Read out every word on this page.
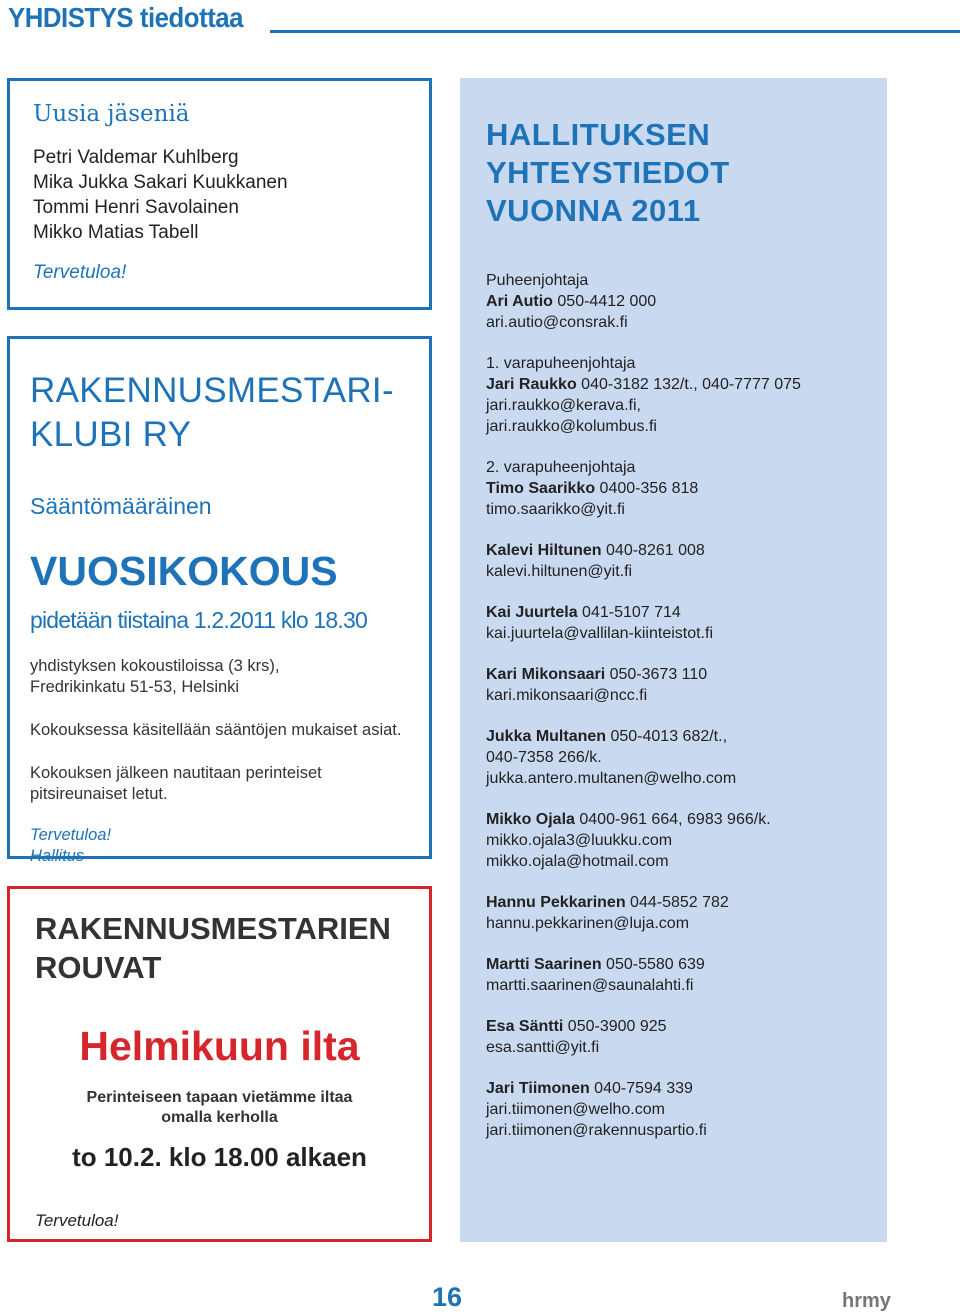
YHDISTYS tiedottaa
Uusia jäseniä
Petri Valdemar Kuhlberg
Mika Jukka Sakari Kuukkanen
Tommi Henri Savolainen
Mikko Matias Tabell
Tervetuloa!
RAKENNUSMESTARI-
KLUBI RY
Sääntömääräinen
VUOSIKOKOUS
pidetään tiistaina 1.2.2011 klo 18.30
yhdistyksen kokoustiloissa (3 krs),
Fredrikinkatu 51-53, Helsinki
Kokouksessa käsitellään sääntöjen mukaiset asiat.
Kokouksen jälkeen nautitaan perinteiset
pitsireunaiset letut.
Tervetuloa!
Hallitus
RAKENNUSMESTARIEN
ROUVAT
Helmikuun ilta
Perinteiseen tapaan vietämme iltaa
omalla kerholla
to 10.2. klo 18.00 alkaen
Tervetuloa!
HALLITUKSEN
YHTEYSTIEDOT
VUONNA 2011
Puheenjohtaja
Ari Autio 050-4412 000
ari.autio@consrak.fi
1. varapuheenjohtaja
Jari Raukko 040-3182 132/t., 040-7777 075
jari.raukko@kerava.fi,
jari.raukko@kolumbus.fi
2. varapuheenjohtaja
Timo Saarikko 0400-356 818
timo.saarikko@yit.fi
Kalevi Hiltunen 040-8261 008
kalevi.hiltunen@yit.fi
Kai Juurtela 041-5107 714
kai.juurtela@vallilan-kiinteistot.fi
Kari Mikonsaari 050-3673 110
kari.mikonsaari@ncc.fi
Jukka Multanen 050-4013 682/t.,
040-7358 266/k.
jukka.antero.multanen@welho.com
Mikko Ojala 0400-961 664, 6983 966/k.
mikko.ojala3@luukku.com
mikko.ojala@hotmail.com
Hannu Pekkarinen 044-5852 782
hannu.pekkarinen@luja.com
Martti Saarinen 050-5580 639
martti.saarinen@saunalahti.fi
Esa Säntti 050-3900 925
esa.santti@yit.fi
Jari Tiimonen 040-7594 339
jari.tiimonen@welho.com
jari.tiimonen@rakennuspartio.fi
16	hrmy
